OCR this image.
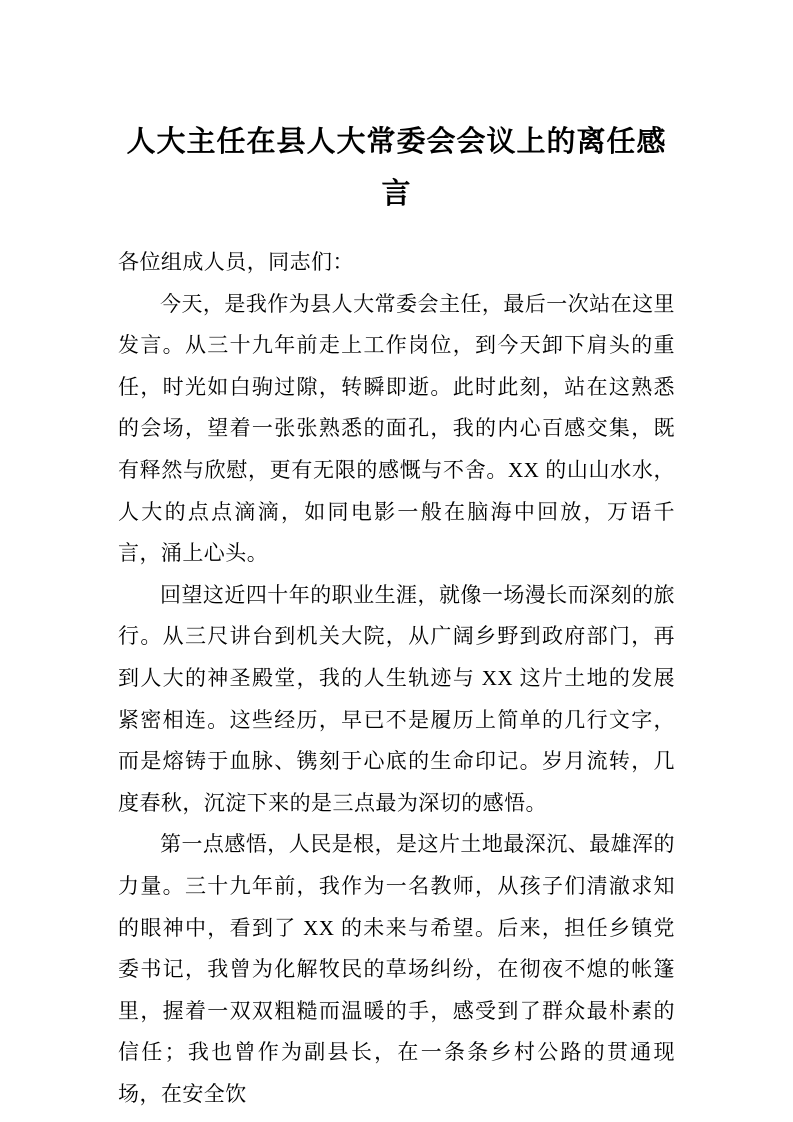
人大主任在县人大常委会会议上的离任感言

各位组成人员，同志们：

今天，是我作为县人大常委会主任，最后一次站在这里发言。从三十九年前走上工作岗位，到今天卸下肩头的重任，时光如白驹过隙，转瞬即逝。此时此刻，站在这熟悉的会场，望着一张张熟悉的面孔，我的内心百感交集，既有释然与欣慰，更有无限的感慨与不舍。XX 的山山水水，人大的点点滴滴，如同电影一般在脑海中回放，万语千言，涌上心头。

回望这近四十年的职业生涯，就像一场漫长而深刻的旅行。从三尺讲台到机关大院，从广阔乡野到政府部门，再到人大的神圣殿堂，我的人生轨迹与 XX 这片土地的发展紧密相连。这些经历，早已不是履历上简单的几行文字，而是熔铸于血脉、镌刻于心底的生命印记。岁月流转，几度春秋，沉淀下来的是三点最为深切的感悟。

第一点感悟，人民是根，是这片土地最深沉、最雄浑的力量。三十九年前，我作为一名教师，从孩子们清澈求知的眼神中，看到了 XX 的未来与希望。后来，担任乡镇党委书记，我曾为化解牧民的草场纠纷，在彻夜不熄的帐篷里，握着一双双粗糙而温暖的手，感受到了群众最朴素的信任；我也曾作为副县长，在一条条乡村公路的贯通现场，在安全饮
